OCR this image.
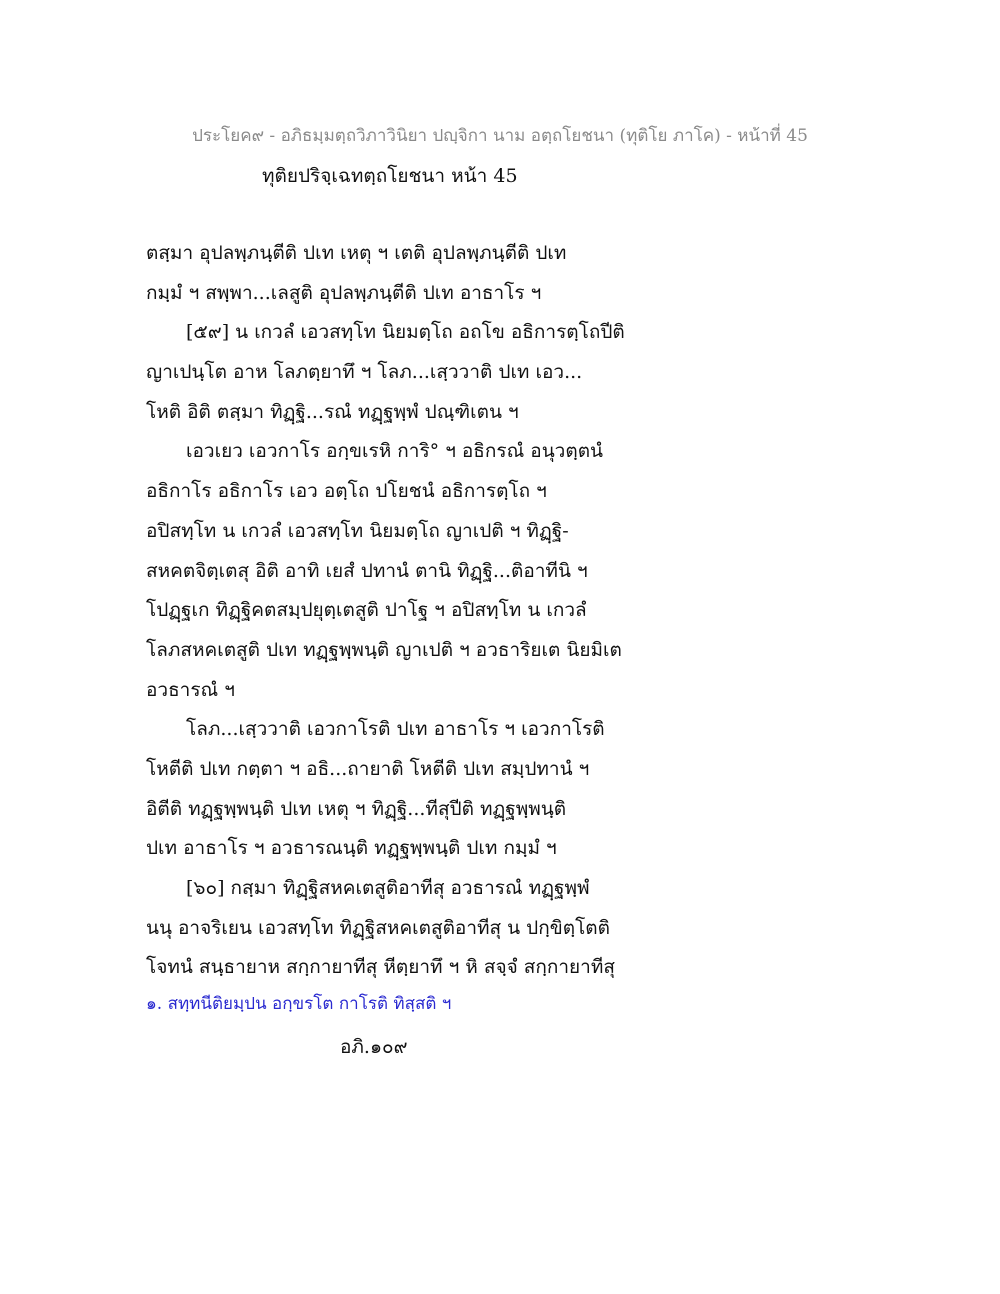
ประโยค๙ - อภิธมฺมตฺถวิภาวินิยา ปญฺจิกา นาม อตฺถโยชนา (ทุติโย ภาโค) - หน้าที่ 45
ทุติยปริจฺเฉทตฺถโยชนา หน้า 45
ตสฺมา อุปลพฺภนฺตีติ ปเท เหตุ ฯ เตติ อุปลพฺภนฺตีติ ปเท
กมฺมํ ฯ สพฺพา...เลสูติ อุปลพฺภนฺตีติ ปเท อาธาโร ฯ
[๕๙] น เกวลํ เอวสทฺโท นิยมตฺโถ อถโข อธิการตฺโถปีติ
ญาเปนฺโต อาห โลภตฺยาทึ ฯ โลภ...เสฺววาติ ปเท เอว...
โหติ อิติ ตสฺมา ทิฏฺฐิ...รณํ ทฏฺฐพฺพํ ปณฺฑิเตน ฯ
เอวเยว เอวกาโร อกฺขเรหิ การิ° ฯ อธิกรณํ อนุวตฺตนํ
อธิกาโร อธิกาโร เอว อตฺโถ ปโยชนํ อธิการตฺโถ ฯ
อปิสทฺโท น เกวลํ เอวสทฺโท นิยมตฺโถ ญาเปติ ฯ ทิฏฺฐิ-
สหคตจิตฺเตสุ อิติ อาทิ เยสํ ปทานํ ตานิ ทิฏฺฐิ...ติอาทีนิ ฯ
โปฏฺฐเก ทิฏฺฐิคตสมฺปยุตฺเตสูติ ปาโฐ ฯ อปิสทฺโท น เกวลํ
โลภสหคเตสูติ ปเท ทฏฺฐพฺพนฺติ ญาเปติ ฯ อวธาริยเต นิยมิเต
อวธารณํ ฯ
โลภ...เสฺววาติ เอวกาโรติ ปเท อาธาโร ฯ เอวกาโรติ
โหตีติ ปเท กตฺตา ฯ อธิ...ถายาติ โหตีติ ปเท สมฺปทานํ ฯ
อิตีติ ทฏฺฐพฺพนฺติ ปเท เหตุ ฯ ทิฏฺฐิ...ทีสุปีติ ทฏฺฐพฺพนฺติ
ปเท อาธาโร ฯ อวธารณนฺติ ทฏฺฐพฺพนฺติ ปเท กมฺมํ ฯ
[๖๐] กสฺมา ทิฏฺฐิสหคเตสูติอาทีสุ อวธารณํ ทฏฺฐพฺพํ
นนุ อาจริเยน เอวสทฺโท ทิฏฺฐิสหคเตสูติอาทีสุ น ปกฺขิตฺโตติ
โจทนํ สนฺธายาห สกฺกายาทีสุ หีตฺยาทึ ฯ หิ สจฺจํ สกฺกายาทีสุ
๑. สทฺทนีติยมฺปน อกฺขรโต กาโรติ ทิสฺสติ ฯ
อภิ.๑๐๙
